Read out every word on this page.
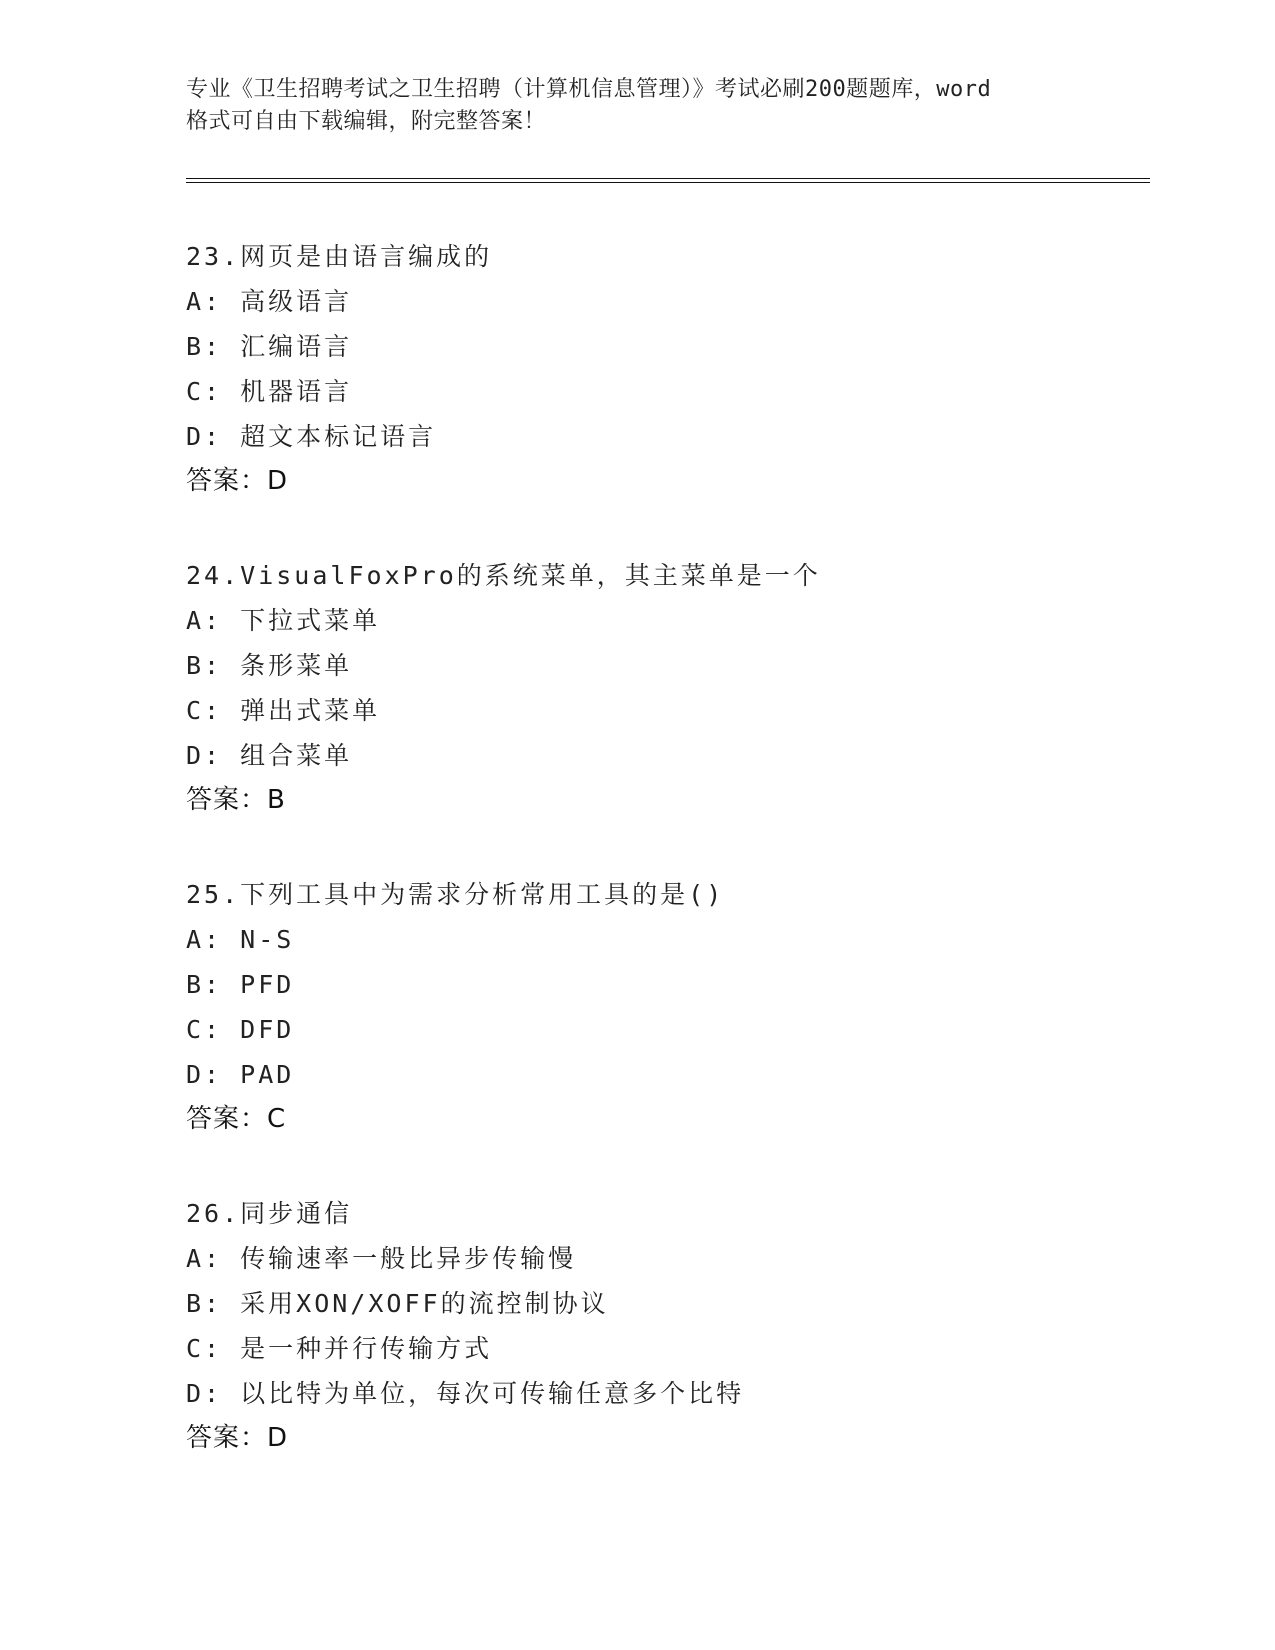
专业《卫生招聘考试之卫生招聘（计算机信息管理）》考试必刷200题题库，word
格式可自由下载编辑，附完整答案！
23.网页是由语言编成的
A: 高级语言
B: 汇编语言
C: 机器语言
D: 超文本标记语言
答案：D
24.VisualFoxPro的系统菜单，其主菜单是一个
A: 下拉式菜单
B: 条形菜单
C: 弹出式菜单
D: 组合菜单
答案：B
25.下列工具中为需求分析常用工具的是()
A: N-S
B: PFD
C: DFD
D: PAD
答案：C
26.同步通信
A: 传输速率一般比异步传输慢
B: 采用XON/XOFF的流控制协议
C: 是一种并行传输方式
D: 以比特为单位，每次可传输任意多个比特
答案：D
